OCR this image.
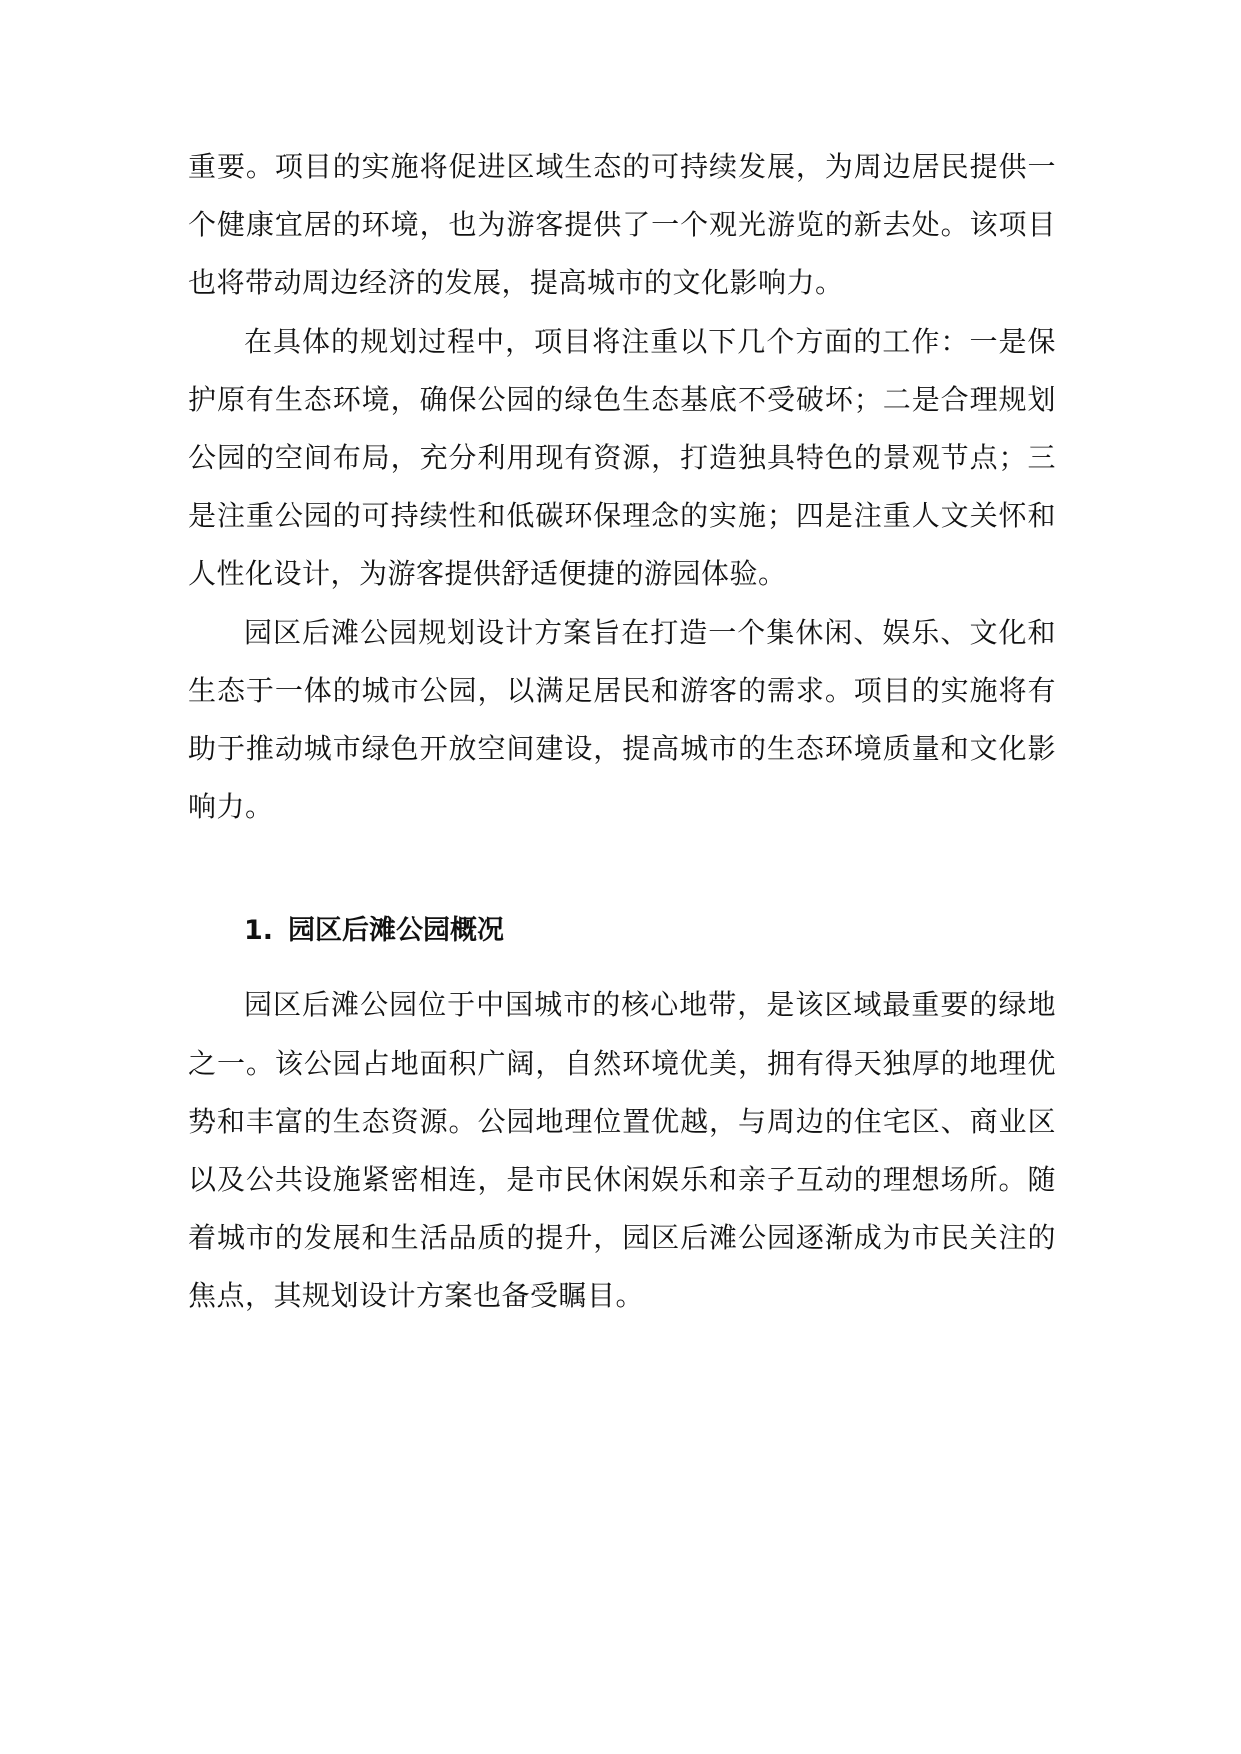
重要。项目的实施将促进区域生态的可持续发展，为周边居民提供一个健康宜居的环境，也为游客提供了一个观光游览的新去处。该项目也将带动周边经济的发展，提高城市的文化影响力。

在具体的规划过程中，项目将注重以下几个方面的工作：一是保护原有生态环境，确保公园的绿色生态基底不受破坏；二是合理规划公园的空间布局，充分利用现有资源，打造独具特色的景观节点；三是注重公园的可持续性和低碳环保理念的实施；四是注重人文关怀和人性化设计，为游客提供舒适便捷的游园体验。

园区后滩公园规划设计方案旨在打造一个集休闲、娱乐、文化和生态于一体的城市公园，以满足居民和游客的需求。项目的实施将有助于推动城市绿色开放空间建设，提高城市的生态环境质量和文化影响力。

1. 园区后滩公园概况

园区后滩公园位于中国城市的核心地带，是该区域最重要的绿地之一。该公园占地面积广阔，自然环境优美，拥有得天独厚的地理优势和丰富的生态资源。公园地理位置优越，与周边的住宅区、商业区以及公共设施紧密相连，是市民休闲娱乐和亲子互动的理想场所。随着城市的发展和生活品质的提升，园区后滩公园逐渐成为市民关注的焦点，其规划设计方案也备受瞩目。
